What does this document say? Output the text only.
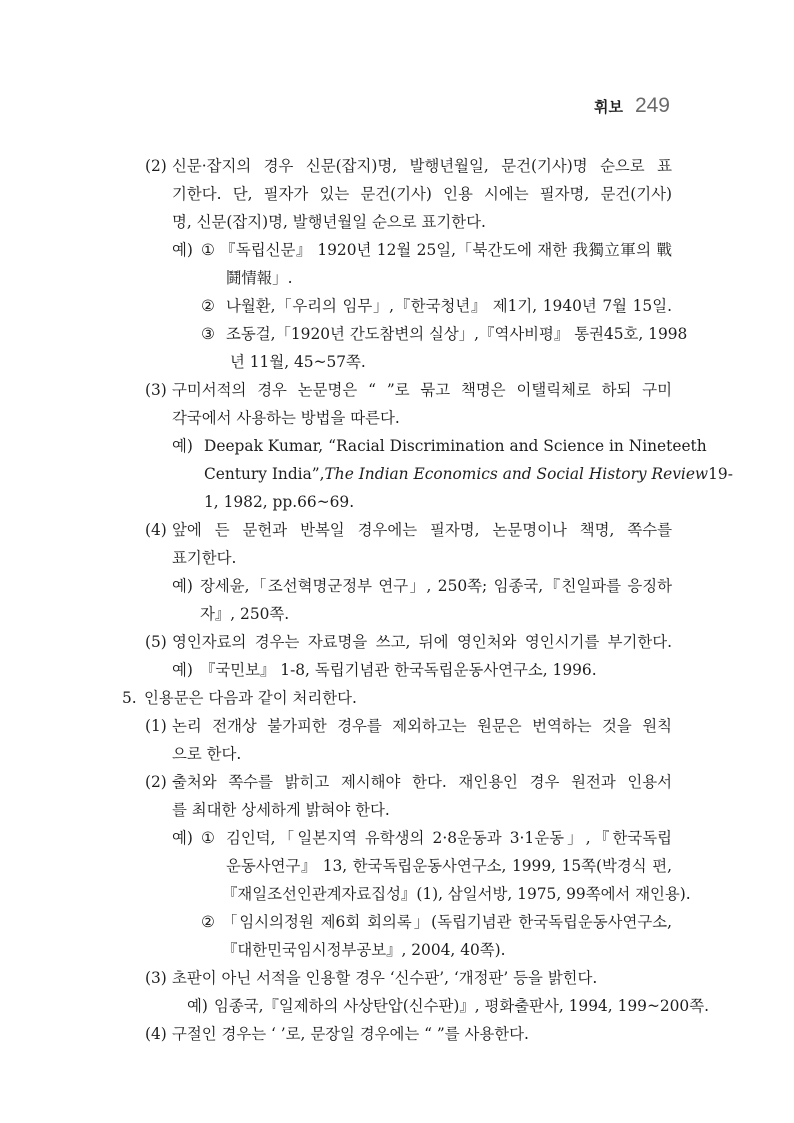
휘보 249
(2) 신문·잡지의 경우 신문(잡지)명, 발행년월일, 문건(기사)명 순으로 표
기한다. 단, 필자가 있는 문건(기사) 인용 시에는 필자명, 문건(기사)
명, 신문(잡지)명, 발행년월일 순으로 표기한다.
예) ① 『독립신문』 1920년 12월 25일,「북간도에 재한 我獨立軍의 戰
鬪情報」.
② 나월환,「우리의 임무」,『한국청년』 제1기, 1940년 7월 15일.
③ 조동걸,「1920년 간도참변의 실상」,『역사비평』 통권45호, 1998
년 11월, 45~57쪽.
(3) 구미서적의 경우 논문명은 “ ”로 묶고 책명은 이탤릭체로 하되 구미
각국에서 사용하는 방법을 따른다.
예) Deepak Kumar, “Racial Discrimination and Science in Nineteeth
Century India”, The Indian Economics and Social History Review 19-
1, 1982, pp.66~69.
(4) 앞에 든 문헌과 반복일 경우에는 필자명, 논문명이나 책명, 쪽수를
표기한다.
예) 장세윤,「조선혁명군정부 연구」, 250쪽; 임종국,『친일파를 응징하
자』, 250쪽.
(5) 영인자료의 경우는 자료명을 쓰고, 뒤에 영인처와 영인시기를 부기한다.
예) 『국민보』 1-8, 독립기념관 한국독립운동사연구소, 1996.
5. 인용문은 다음과 같이 처리한다.
(1) 논리 전개상 불가피한 경우를 제외하고는 원문은 번역하는 것을 원칙
으로 한다.
(2) 출처와 쪽수를 밝히고 제시해야 한다. 재인용인 경우 원전과 인용서
를 최대한 상세하게 밝혀야 한다.
예) ① 김인덕,「일본지역 유학생의 2·8운동과 3·1운동」,『한국독립
운동사연구』 13, 한국독립운동사연구소, 1999, 15쪽(박경식 편,
『재일조선인관계자료집성』(1), 삼일서방, 1975, 99쪽에서 재인용).
② 「임시의정원 제6회 회의록」(독립기념관 한국독립운동사연구소,
『대한민국임시정부공보』, 2004, 40쪽).
(3) 초판이 아닌 서적을 인용할 경우 ‘신수판’, ‘개정판’ 등을 밝힌다.
예) 임종국,『일제하의 사상탄압(신수판)』, 평화출판사, 1994, 199~200쪽.
(4) 구절인 경우는 ‘ ’로, 문장일 경우에는 “ ”를 사용한다.
